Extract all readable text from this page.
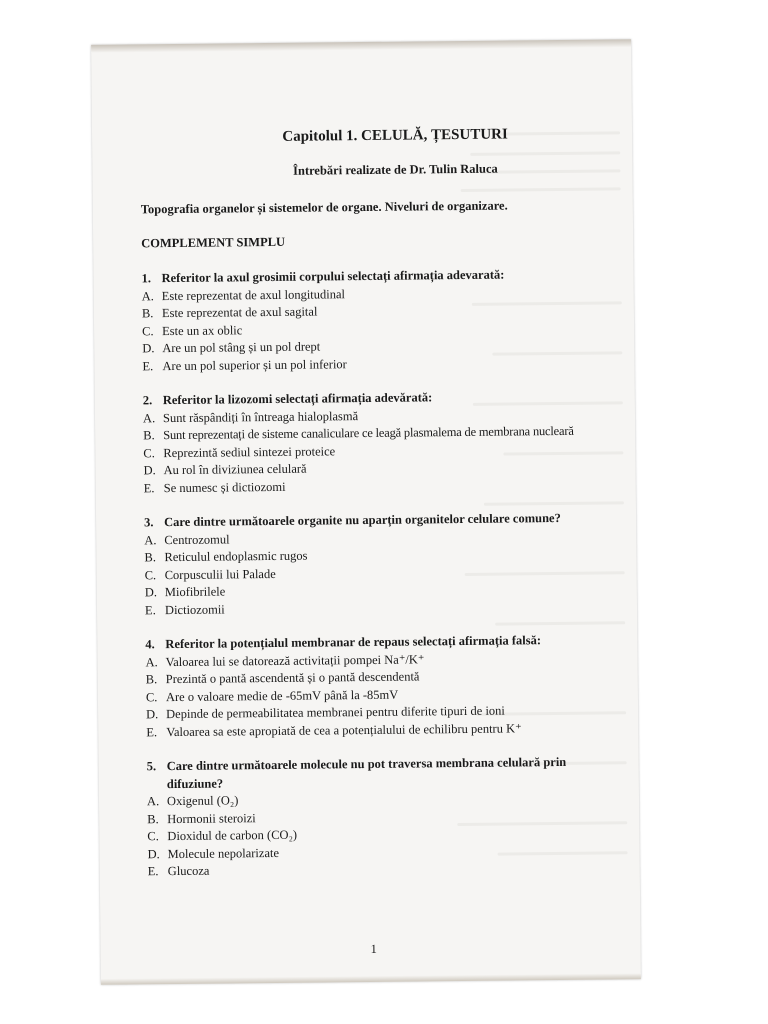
Capitolul 1. CELULĂ, ȚESUTURI
Întrebări realizate de Dr. Tulin Raluca
Topografia organelor și sistemelor de organe. Niveluri de organizare.
COMPLEMENT SIMPLU
1. Referitor la axul grosimii corpului selectați afirmația adevarată:
A. Este reprezentat de axul longitudinal
B. Este reprezentat de axul sagital
C. Este un ax oblic
D. Are un pol stâng și un pol drept
E. Are un pol superior și un pol inferior
2. Referitor la lizozomi selectați afirmația adevărată:
A. Sunt răspândiți în întreaga hialoplasmă
B. Sunt reprezentați de sisteme canaliculare ce leagă plasmalema de membrana nucleară
C. Reprezintă sediul sintezei proteice
D. Au rol în diviziunea celulară
E. Se numesc și dictiozomi
3. Care dintre următoarele organite nu aparțin organitelor celulare comune?
A. Centrozomul
B. Reticulul endoplasmic rugos
C. Corpusculii lui Palade
D. Miofibrilele
E. Dictiozomii
4. Referitor la potențialul membranar de repaus selectați afirmația falsă:
A. Valoarea lui se datorează activitații pompei Na⁺/K⁺
B. Prezintă o pantă ascendentă și o pantă descendentă
C. Are o valoare medie de -65mV până la -85mV
D. Depinde de permeabilitatea membranei pentru diferite tipuri de ioni
E. Valoarea sa este apropiată de cea a potențialului de echilibru pentru K⁺
5. Care dintre următoarele molecule nu pot traversa membrana celulară prin difuziune?
A. Oxigenul (O₂)
B. Hormonii steroizi
C. Dioxidul de carbon (CO₂)
D. Molecule nepolarizate
E. Glucoza
1
